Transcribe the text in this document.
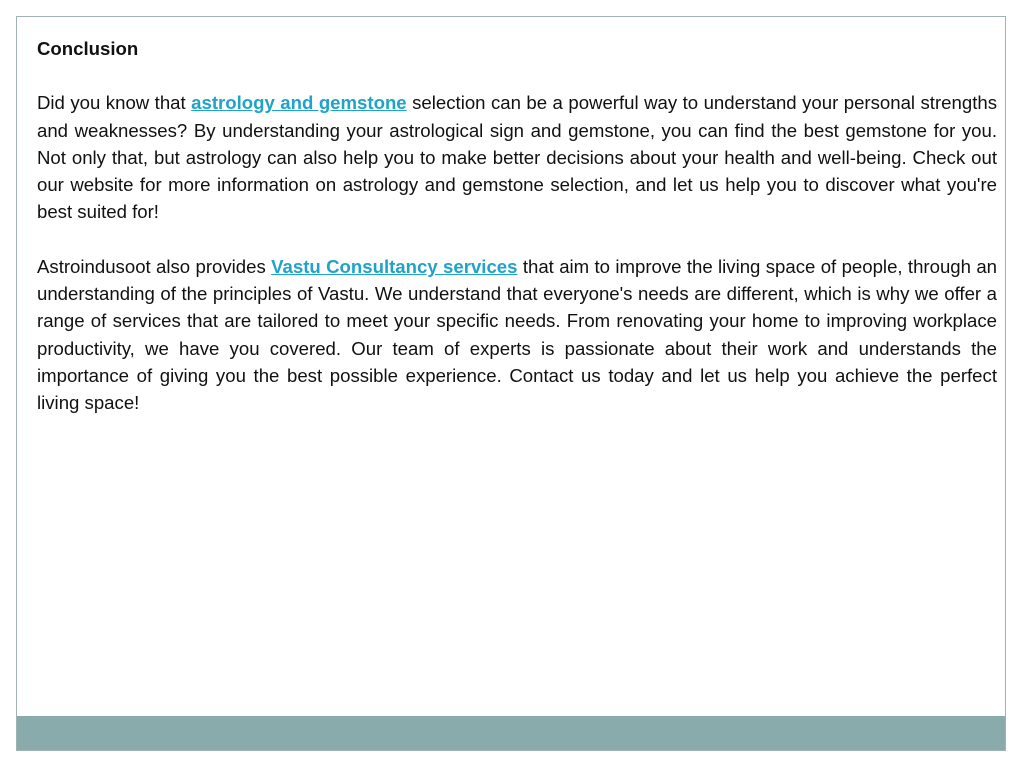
Conclusion

Did you know that astrology and gemstone selection can be a powerful way to understand your personal strengths and weaknesses? By understanding your astrological sign and gemstone, you can find the best gemstone for you. Not only that, but astrology can also help you to make better decisions about your health and well-being. Check out our website for more information on astrology and gemstone selection, and let us help you to discover what you're best suited for!

Astroindusoot also provides Vastu Consultancy services that aim to improve the living space of people, through an understanding of the principles of Vastu. We understand that everyone's needs are different, which is why we offer a range of services that are tailored to meet your specific needs. From renovating your home to improving workplace productivity, we have you covered. Our team of experts is passionate about their work and understands the importance of giving you the best possible experience. Contact us today and let us help you achieve the perfect living space!
